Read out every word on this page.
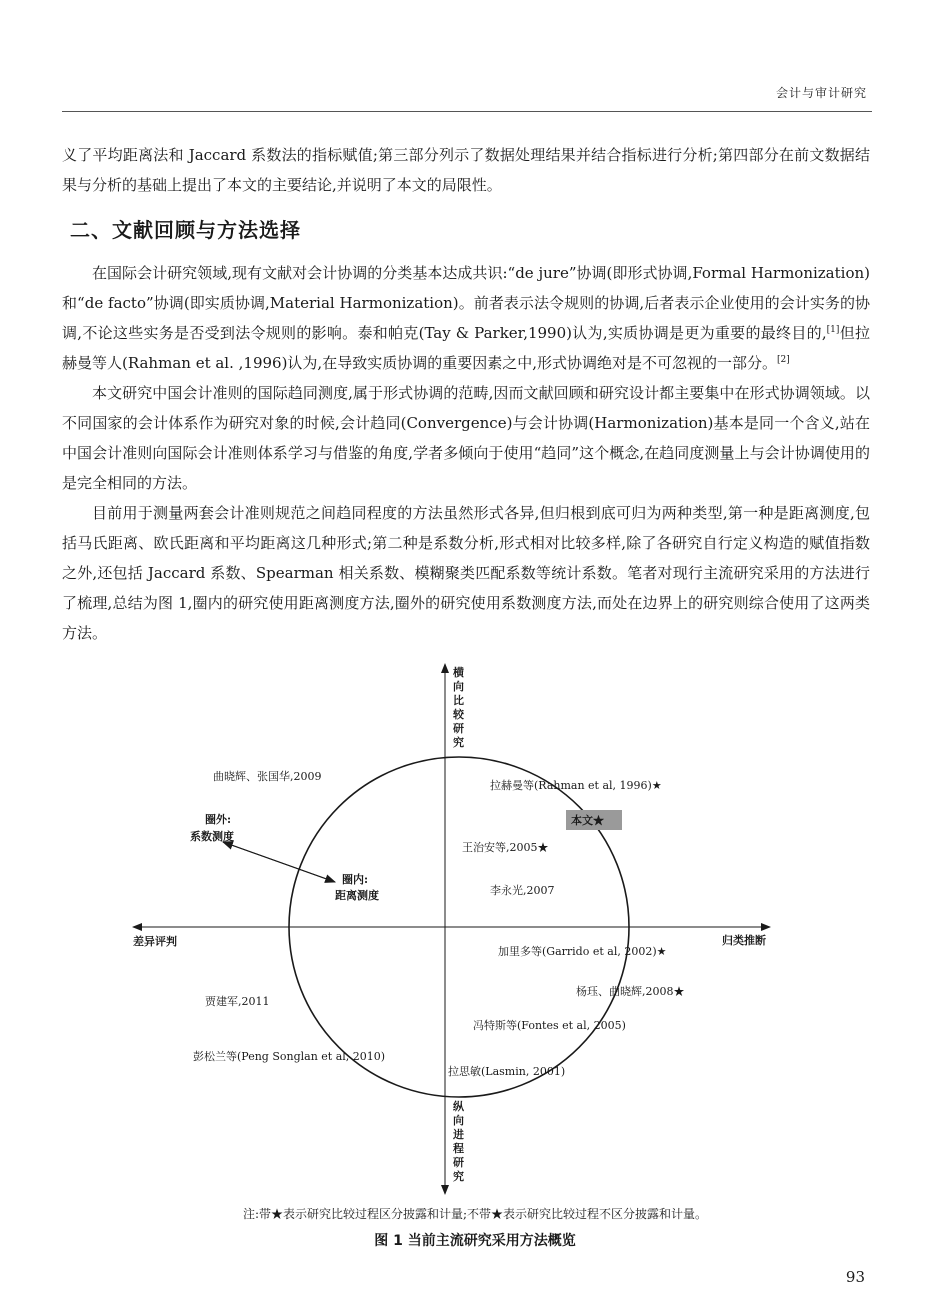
会计与审计研究

义了平均距离法和 Jaccard 系数法的指标赋值;第三部分列示了数据处理结果并结合指标进行分析;第四部分在前文数据结果与分析的基础上提出了本文的主要结论,并说明了本文的局限性。

二、文献回顾与方法选择

在国际会计研究领域,现有文献对会计协调的分类基本达成共识:“de jure”协调(即形式协调,Formal Harmonization)和“de facto”协调(即实质协调,Material Harmonization)。前者表示法令规则的协调,后者表示企业使用的会计实务的协调,不论这些实务是否受到法令规则的影响。泰和帕克(Tay & Parker,1990)认为,实质协调是更为重要的最终目的,[1]但拉赫曼等人(Rahman et al. ,1996)认为,在导致实质协调的重要因素之中,形式协调绝对是不可忽视的一部分。[2]

本文研究中国会计准则的国际趋同测度,属于形式协调的范畴,因而文献回顾和研究设计都主要集中在形式协调领域。以不同国家的会计体系作为研究对象的时候,会计趋同(Convergence)与会计协调(Harmonization)基本是同一个含义,站在中国会计准则向国际会计准则体系学习与借鉴的角度,学者多倾向于使用“趋同”这个概念,在趋同度测量上与会计协调使用的是完全相同的方法。

目前用于测量两套会计准则规范之间趋同程度的方法虽然形式各异,但归根到底可归为两种类型,第一种是距离测度,包括马氏距离、欧氏距离和平均距离这几种形式;第二种是系数分析,形式相对比较多样,除了各研究自行定义构造的赋值指数之外,还包括 Jaccard 系数、Spearman 相关系数、模糊聚类匹配系数等统计系数。笔者对现行主流研究采用的方法进行了梳理,总结为图 1,圈内的研究使用距离测度方法,圈外的研究使用系数测度方法,而处在边界上的研究则综合使用了这两类方法。

横
向
比
较
研
究
纵
向
进
程
研
究
差异评判	归类推断
圈外:
系数测度
圈内:
距离测度
曲晓辉、张国华,2009
拉赫曼等(Rahman et al, 1996)★
本文★
王治安等,2005★
李永光,2007
加里多等(Garrido et al, 2002)★
杨珏、曲晓辉,2008★
冯特斯等(Fontes et al, 2005)
贾建军,2011
彭松兰等(Peng Songlan et al, 2010)
拉思敏(Lasmin, 2001)
注:带★表示研究比较过程区分披露和计量;不带★表示研究比较过程不区分披露和计量。
图 1 当前主流研究采用方法概览
93
